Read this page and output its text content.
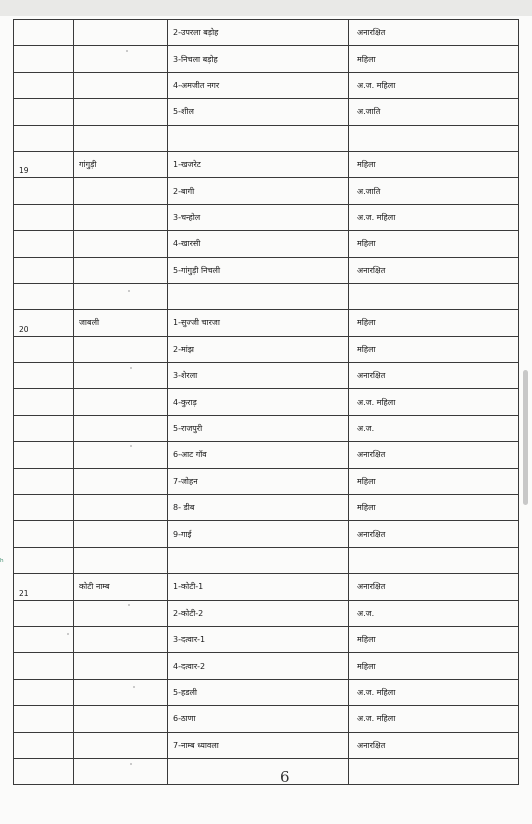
		2-उपरला बड़ोह	अनारक्षित
		3-निचला बड़ोह	महिला
		4-अमजीत नगर	अ.ज. महिला
		5-शील	अ.जाति

19	गांगुड़ी	1-खजरेट	महिला
		2-बागी	अ.जाति
		3-चन्होल	अ.ज. महिला
		4-खारसी	महिला
		5-गांगुड़ी निचली	अनारक्षित

20	जाबली	1-सुज्जी चारजा	महिला
		2-मांझ	महिला
		3-शेरला	अनारक्षित
		4-कुराड़	अ.ज. महिला
		5-राजपुरी	अ.ज.
		6-आट गॉव	अनारक्षित
		7-जोहन	महिला
		8- डीब	महिला
		9-गाई	अनारक्षित

21	कोटी नाम्ब	1-कोटी-1	अनारक्षित
		2-कोटी-2	अ.ज.
		3-दत्वार-1	महिला
		4-दत्वार-2	महिला
		5-हडली	अ.ज. महिला
		6-ठाणा	अ.ज. महिला
		7-नाम्ब ध्यावला	अनारक्षित

ʰ
6
